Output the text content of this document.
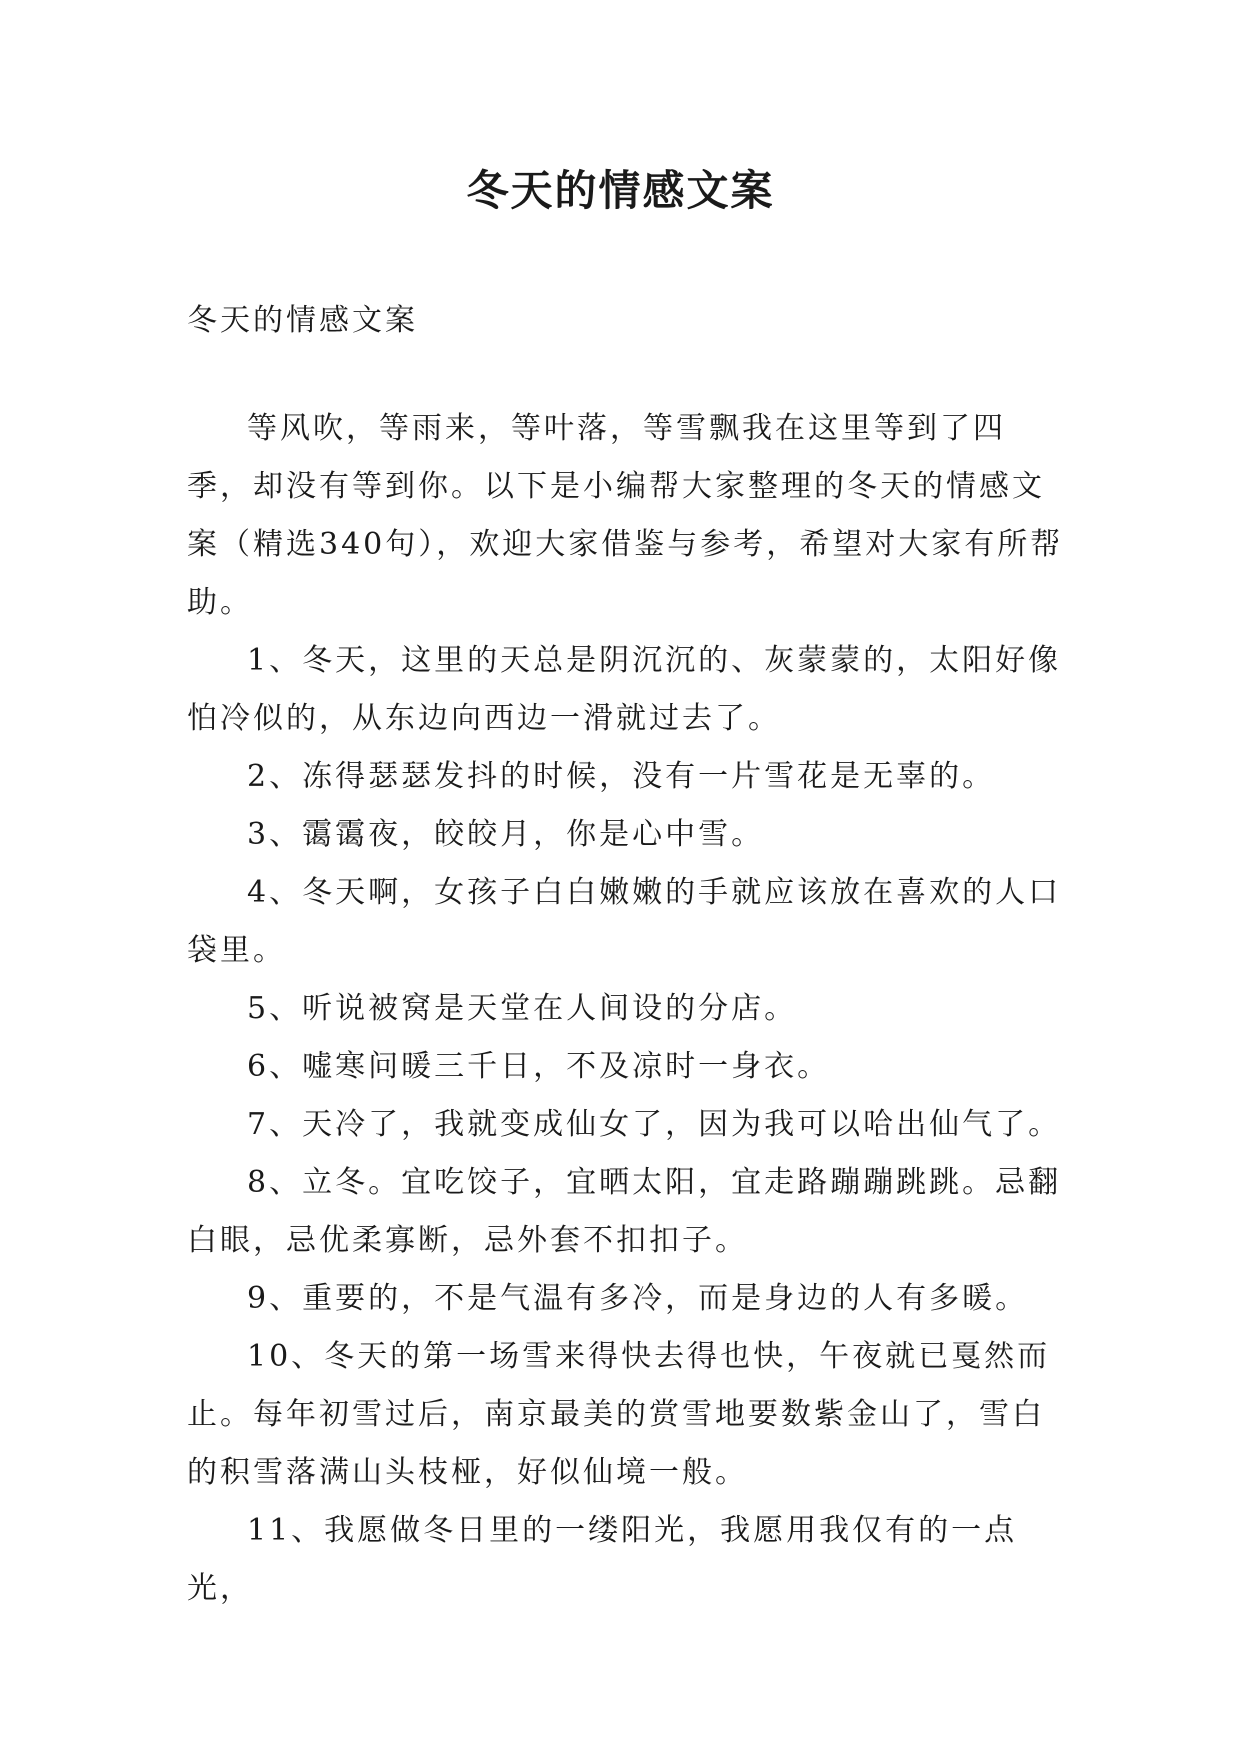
冬天的情感文案

冬天的情感文案

等风吹，等雨来，等叶落，等雪飘我在这里等到了四季，却没有等到你。以下是小编帮大家整理的冬天的情感文案（精选340句），欢迎大家借鉴与参考，希望对大家有所帮助。

1、冬天，这里的天总是阴沉沉的、灰蒙蒙的，太阳好像怕冷似的，从东边向西边一滑就过去了。

2、冻得瑟瑟发抖的时候，没有一片雪花是无辜的。

3、霭霭夜，皎皎月，你是心中雪。

4、冬天啊，女孩子白白嫩嫩的手就应该放在喜欢的人口袋里。

5、听说被窝是天堂在人间设的分店。

6、嘘寒问暖三千日，不及凉时一身衣。

7、天冷了，我就变成仙女了，因为我可以哈出仙气了。

8、立冬。宜吃饺子，宜晒太阳，宜走路蹦蹦跳跳。忌翻白眼，忌优柔寡断，忌外套不扣扣子。

9、重要的，不是气温有多冷，而是身边的人有多暖。

10、冬天的第一场雪来得快去得也快，午夜就已戛然而止。每年初雪过后，南京最美的赏雪地要数紫金山了，雪白的积雪落满山头枝桠，好似仙境一般。

11、我愿做冬日里的一缕阳光，我愿用我仅有的一点光，
